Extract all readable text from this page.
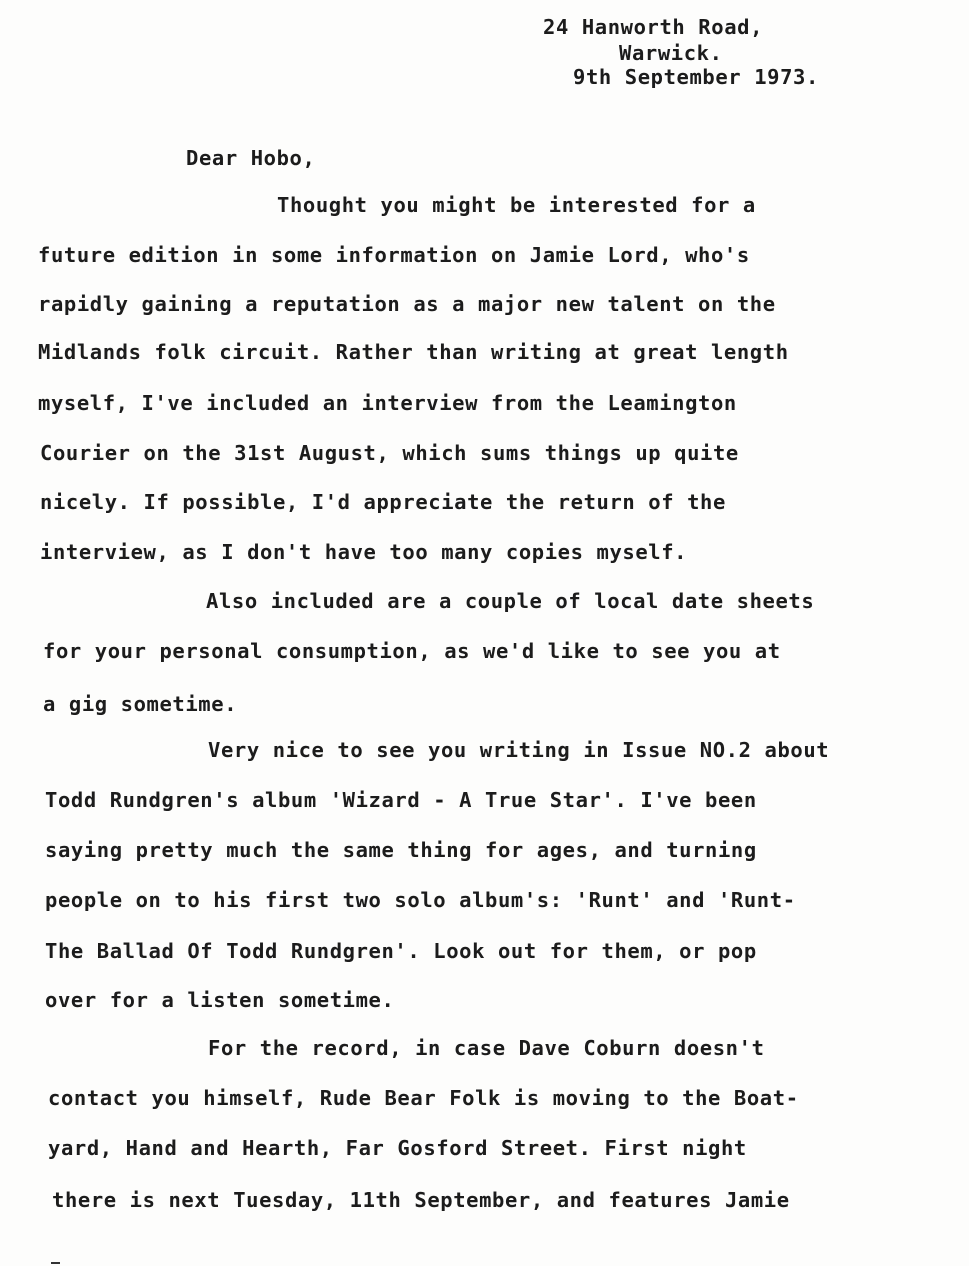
24 Hanworth Road,
Warwick.
9th September 1973.
Dear Hobo,
Thought you might be interested for a
future edition in some information on Jamie Lord, who's
rapidly gaining a reputation as a major new talent on the
Midlands folk circuit. Rather than writing at great length
myself, I've included an interview from the Leamington
Courier on the 31st August, which sums things up quite
nicely. If possible, I'd appreciate the return of the
interview, as I don't have too many copies myself.
Also included are a couple of local date sheets
for your personal consumption, as we'd like to see you at
a gig sometime.
Very nice to see you writing in Issue NO.2 about
Todd Rundgren's album 'Wizard - A True Star'. I've been
saying pretty much the same thing for ages, and turning
people on to his first two solo album's: 'Runt' and 'Runt-
The Ballad Of Todd Rundgren'. Look out for them, or pop
over for a listen sometime.
For the record, in case Dave Coburn doesn't
contact you himself, Rude Bear Folk is moving to the Boat-
yard, Hand and Hearth, Far Gosford Street. First night
there is next Tuesday, 11th September, and features Jamie
